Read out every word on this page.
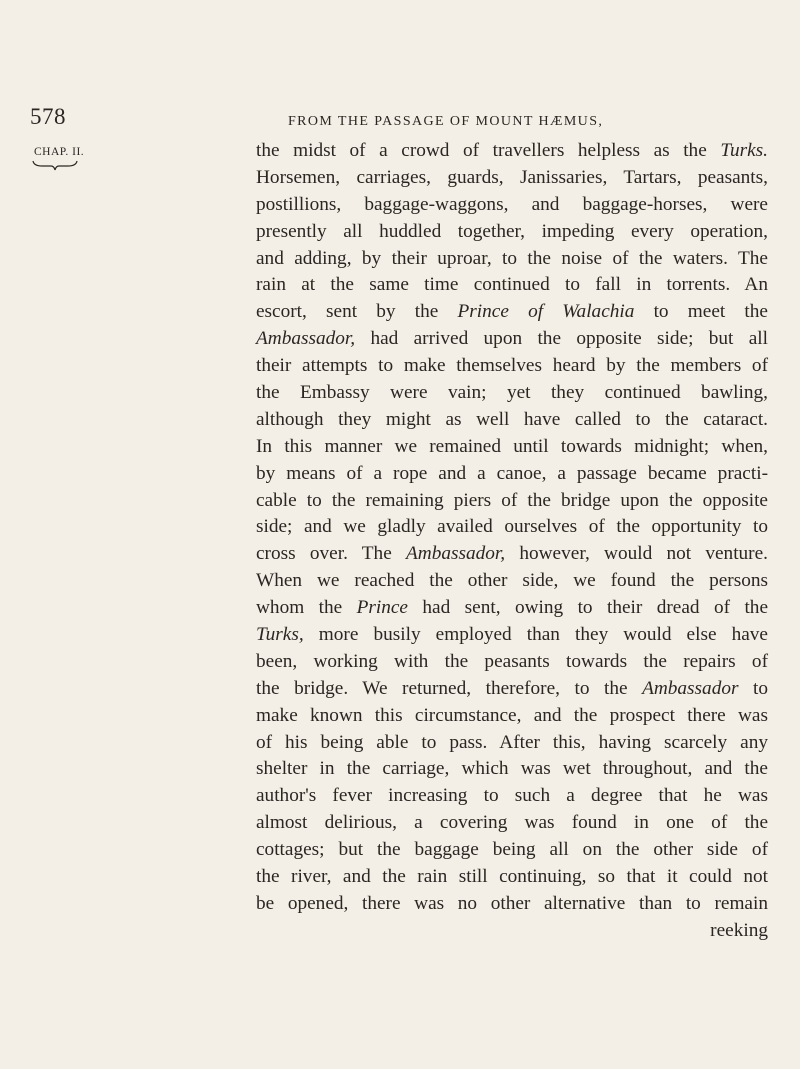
578	FROM THE PASSAGE OF MOUNT HÆMUS,
CHAP. II.	the midst of a crowd of travellers helpless as the Turks.
Horsemen, carriages, guards, Janissaries, Tartars, peasants,
postillions, baggage-waggons, and baggage-horses, were
presently all huddled together, impeding every operation,
and adding, by their uproar, to the noise of the waters. The
rain at the same time continued to fall in torrents. An
escort, sent by the Prince of Walachia to meet the
Ambassador, had arrived upon the opposite side; but all
their attempts to make themselves heard by the members of
the Embassy were vain; yet they continued bawling,
although they might as well have called to the cataract.
In this manner we remained until towards midnight; when,
by means of a rope and a canoe, a passage became practi-
cable to the remaining piers of the bridge upon the opposite
side; and we gladly availed ourselves of the opportunity to
cross over. The Ambassador, however, would not venture.
When we reached the other side, we found the persons
whom the Prince had sent, owing to their dread of the
Turks, more busily employed than they would else have
been, working with the peasants towards the repairs of
the bridge. We returned, therefore, to the Ambassador to
make known this circumstance, and the prospect there was
of his being able to pass. After this, having scarcely any
shelter in the carriage, which was wet throughout, and the
author's fever increasing to such a degree that he was
almost delirious, a covering was found in one of the
cottages; but the baggage being all on the other side of
the river, and the rain still continuing, so that it could not
be opened, there was no other alternative than to remain
reeking
